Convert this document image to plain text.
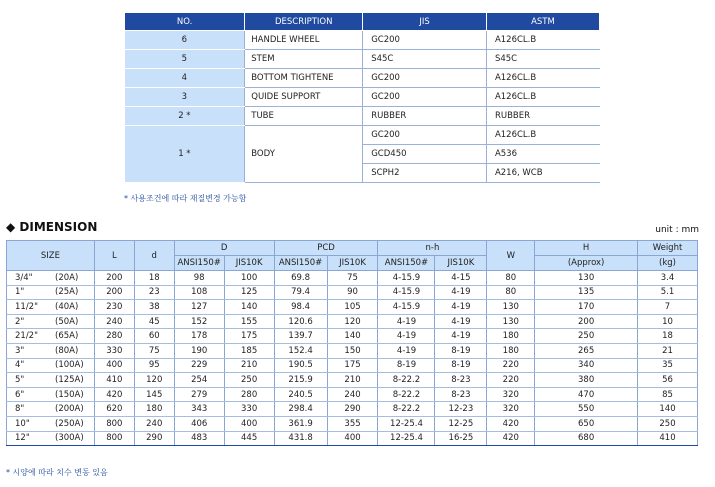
NO.	DESCRIPTION	JIS	ASTM
6	HANDLE WHEEL	GC200	A126CL.B
5	STEM	S45C	S45C
4	BOTTOM TIGHTENE	GC200	A126CL.B
3	QUIDE SUPPORT	GC200	A126CL.B
2 *	TUBE	RUBBER	RUBBER
1 *	BODY	GC200	A126CL.B
		GCD450	A536
		SCPH2	A216, WCB
* 사용조건에 따라 재질변경 가능함
◆ DIMENSION	unit : mm
SIZE	L	d	D		PCD		n-h		W	H	Weight
			ANSI150#	JIS10K	ANSI150#	JIS10K	ANSI150#	JIS10K		(Approx)	(kg)
3/4" (20A)	200	18	98	100	69.8	75	4-15.9	4-15	80	130	3.4
1" (25A)	200	23	108	125	79.4	90	4-15.9	4-19	80	135	5.1
11/2" (40A)	230	38	127	140	98.4	105	4-15.9	4-19	130	170	7
2" (50A)	240	45	152	155	120.6	120	4-19	4-19	130	200	10
21/2" (65A)	280	60	178	175	139.7	140	4-19	4-19	180	250	18
3" (80A)	330	75	190	185	152.4	150	4-19	8-19	180	265	21
4" (100A)	400	95	229	210	190.5	175	8-19	8-19	220	340	35
5" (125A)	410	120	254	250	215.9	210	8-22.2	8-23	220	380	56
6" (150A)	420	145	279	280	240.5	240	8-22.2	8-23	320	470	85
8" (200A)	620	180	343	330	298.4	290	8-22.2	12-23	320	550	140
10" (250A)	800	240	406	400	361.9	355	12-25.4	12-25	420	650	250
12" (300A)	800	290	483	445	431.8	400	12-25.4	16-25	420	680	410
* 시양에 따라 치수 변동 있음
